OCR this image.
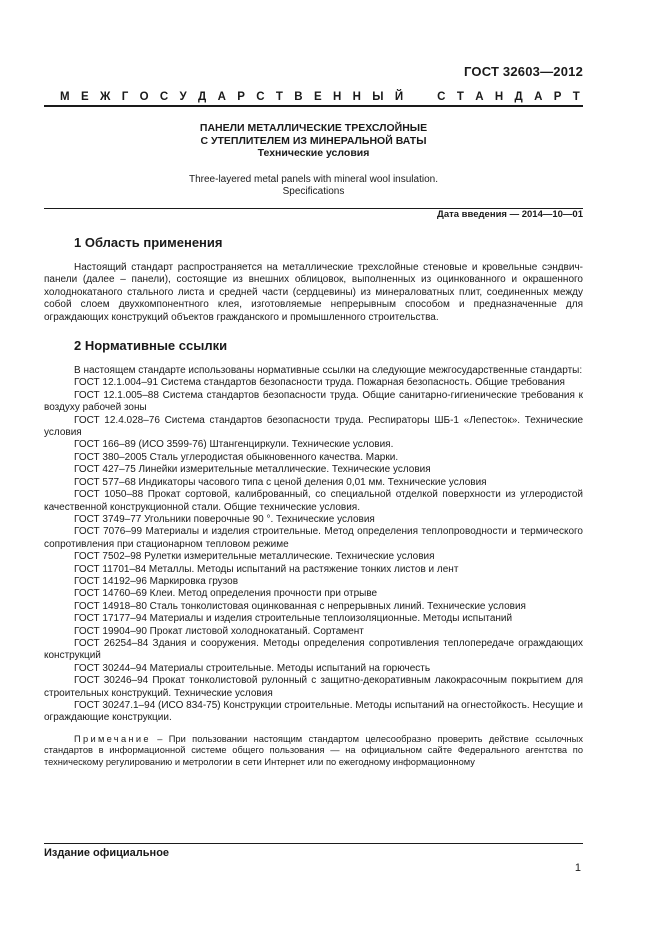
ГОСТ 32603—2012
М Е Ж Г О С У Д А Р С Т В Е Н Н Ы Й	С Т А Н Д А Р Т
ПАНЕЛИ МЕТАЛЛИЧЕСКИЕ ТРЕХСЛОЙНЫЕ
С УТЕПЛИТЕЛЕМ ИЗ МИНЕРАЛЬНОЙ ВАТЫ
Технические условия
Three-layered metal panels with mineral wool insulation.
Specifications
Дата введения — 2014—10—01
1 Область применения

Настоящий стандарт распространяется на металлические трехслойные стеновые и кровельные сэндвич-панели (далее – панели), состоящие из внешних облицовок, выполненных из оцинкованного и окрашенного холоднокатаного стального листа и средней части (сердцевины) из минераловатных плит, соединенных между собой слоем двухкомпонентного клея, изготовляемые непрерывным способом и предназначенные для ограждающих конструкций объектов гражданского и промышленного строительства.

2 Нормативные ссылки

В настоящем стандарте использованы нормативные ссылки на следующие межгосударственные стандарты:

ГОСТ 12.1.004–91 Система стандартов безопасности труда. Пожарная безопасность. Общие требования

ГОСТ 12.1.005–88 Система стандартов безопасности труда. Общие санитарно-гигиенические требования к воздуху рабочей зоны

ГОСТ 12.4.028–76 Система стандартов безопасности труда. Респираторы ШБ-1 «Лепесток». Технические условия

ГОСТ 166–89 (ИСО 3599-76) Штангенциркули. Технические условия.

ГОСТ 380–2005 Сталь углеродистая обыкновенного качества. Марки.

ГОСТ 427–75 Линейки измерительные металлические. Технические условия

ГОСТ 577–68 Индикаторы часового типа с ценой деления 0,01 мм. Технические условия

ГОСТ 1050–88 Прокат сортовой, калиброванный, со специальной отделкой поверхности из углеродистой качественной конструкционной стали. Общие технические условия.

ГОСТ 3749–77 Угольники поверочные 90 °. Технические условия

ГОСТ 7076–99 Материалы и изделия строительные. Метод определения теплопроводности и термического сопротивления при стационарном тепловом режиме

ГОСТ 7502–98 Рулетки измерительные металлические. Технические условия

ГОСТ 11701–84 Металлы. Методы испытаний на растяжение тонких листов и лент

ГОСТ 14192–96 Маркировка грузов

ГОСТ 14760–69 Клеи. Метод определения прочности при отрыве

ГОСТ 14918–80 Сталь тонколистовая оцинкованная с непрерывных линий. Технические условия

ГОСТ 17177–94 Материалы и изделия строительные теплоизоляционные. Методы испытаний

ГОСТ 19904–90 Прокат листовой холоднокатаный. Сортамент

ГОСТ 26254–84 Здания и сооружения. Методы определения сопротивления теплопередаче ограждающих конструкций

ГОСТ 30244–94 Материалы строительные. Методы испытаний на горючесть

ГОСТ 30246–94 Прокат тонколистовой рулонный с защитно-декоративным лакокрасочным покрытием для строительных конструкций. Технические условия

ГОСТ 30247.1–94 (ИСО 834-75) Конструкции строительные. Методы испытаний на огнестойкость. Несущие и ограждающие конструкции.

Примечание – При пользовании настоящим стандартом целесообразно проверить действие ссылочных стандартов в информационной системе общего пользования — на официальном сайте Федерального агентства по техническому регулированию и метрологии в сети Интернет или по ежегодному информационному
Издание официальное
1
